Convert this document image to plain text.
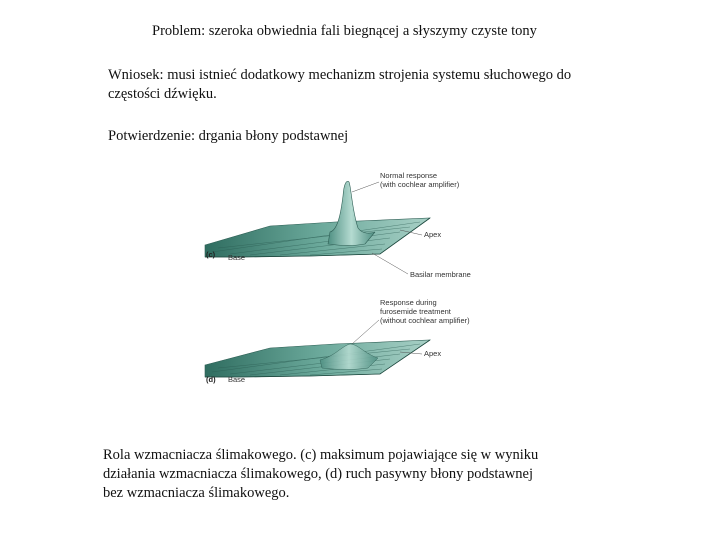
Problem: szeroka obwiednia fali biegnącej a słyszymy czyste tony
Wniosek: musi istnieć dodatkowy mechanizm strojenia systemu słuchowego do
częstości dźwięku.
Potwierdzenie: drgania błony podstawnej
(c) Base
Apex
Normal response
(with cochlear amplifier)
Basilar membrane
(d) Base
Apex
Response during
furosemide treatment
(without cochlear amplifier)
Rola wzmacniacza ślimakowego. (c) maksimum pojawiające się w wyniku
działania wzmacniacza ślimakowego, (d) ruch pasywny błony podstawnej
bez wzmacniacza ślimakowego.
